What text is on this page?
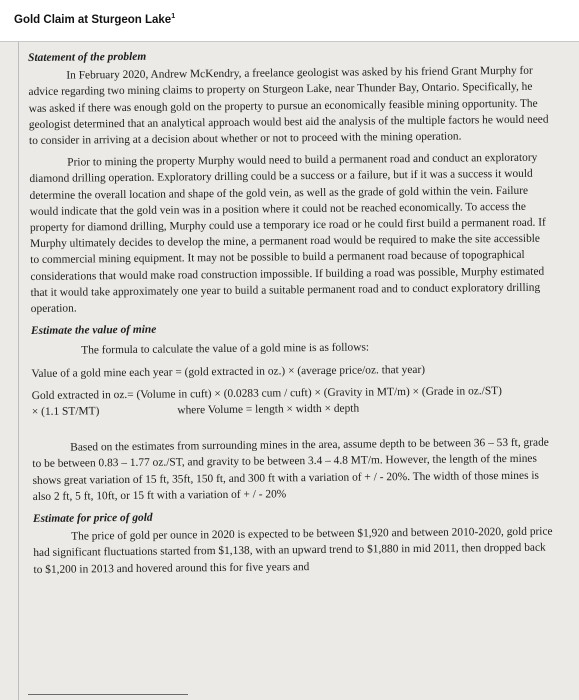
Gold Claim at Sturgeon Lake$^1$
Statement of the problem

In February 2020, Andrew McKendry, a freelance geologist was asked by his friend Grant Murphy for advice regarding two mining claims to property on Sturgeon Lake, near Thunder Bay, Ontario. Specifically, he was asked if there was enough gold on the property to pursue an economically feasible mining opportunity. The geologist determined that an analytical approach would best aid the analysis of the multiple factors he would need to consider in arriving at a decision about whether or not to proceed with the mining operation.

Prior to mining the property Murphy would need to build a permanent road and conduct an exploratory diamond drilling operation. Exploratory drilling could be a success or a failure, but if it was a success it would determine the overall location and shape of the gold vein, as well as the grade of gold within the vein. Failure would indicate that the gold vein was in a position where it could not be reached economically. To access the property for diamond drilling, Murphy could use a temporary ice road or he could first build a permanent road. If Murphy ultimately decides to develop the mine, a permanent road would be required to make the site accessible to commercial mining equipment. It may not be possible to build a permanent road because of topographical considerations that would make road construction impossible. If building a road was possible, Murphy estimated that it would take approximately one year to build a suitable permanent road and to conduct exploratory drilling operation.

Estimate the value of mine

The formula to calculate the value of a gold mine is as follows:

Value of a gold mine each year = (gold extracted in oz.) × (average price/oz. that year)

Gold extracted in oz.= (Volume in cuft) × (0.0283 cum / cuft) × (Gravity in MT/m) × (Grade in oz./ST)
× (1.1 ST/MT)	where Volume = length × width × depth

Based on the estimates from surrounding mines in the area, assume depth to be between 36 – 53 ft, grade to be between 0.83 – 1.77 oz./ST, and gravity to be between 3.4 – 4.8 MT/m. However, the length of the mines shows great variation of 15 ft, 35ft, 150 ft, and 300 ft with a variation of + / - 20%. The width of those mines is also 2 ft, 5 ft, 10ft, or 15 ft with a variation of + / - 20%

Estimate for price of gold

The price of gold per ounce in 2020 is expected to be between $1,920 and between 2010-2020, gold price had significant fluctuations started from $1,138, with an upward trend to $1,880 in mid 2011, then dropped back to $1,200 in 2013 and hovered around this for five years and
